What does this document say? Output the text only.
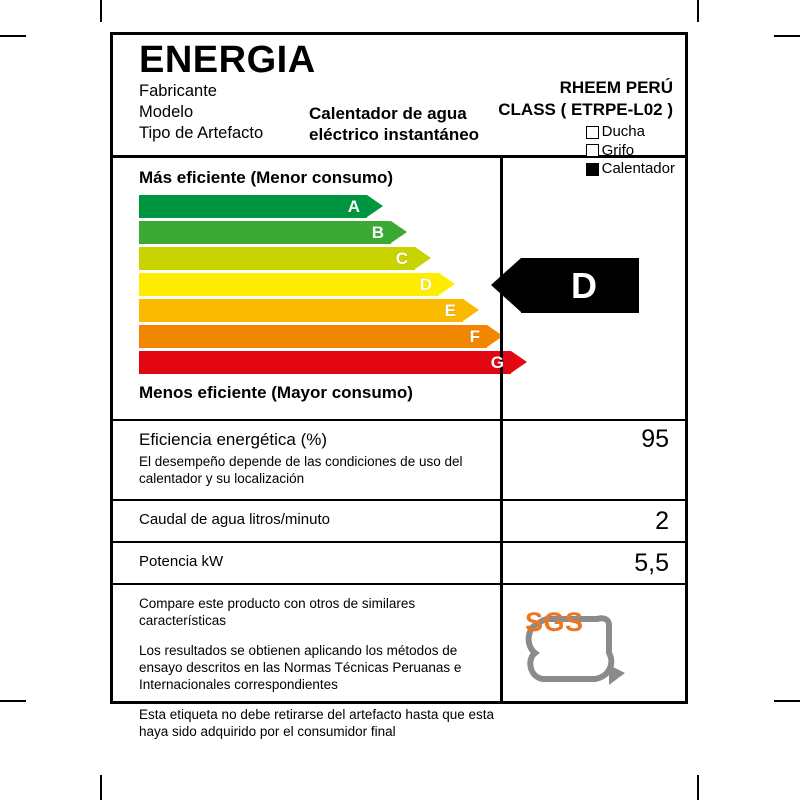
ENERGIA
Fabricante
Modelo
Tipo de Artefacto
Calentador de agua eléctrico instantáneo
RHEEM PERÚ
CLASS ( ETRPE-L02 )
Ducha
Grifo
Calentador
Más eficiente (Menor consumo)
A
B
C
D
E
F
G
Menos eficiente (Mayor consumo)
Eficiencia energética (%)
El desempeño depende de las condiciones de uso del calentador y su localización
Caudal de agua litros/minuto
Potencia kW

Compare este producto con otros de similares características

Los resultados se obtienen aplicando los métodos de ensayo descritos en las Normas Técnicas Peruanas e Internacionales correspondientes

Esta etiqueta no debe retirarse del artefacto hasta que esta haya sido adquirido por el consumidor final

D
95
2
5,5
SGS
